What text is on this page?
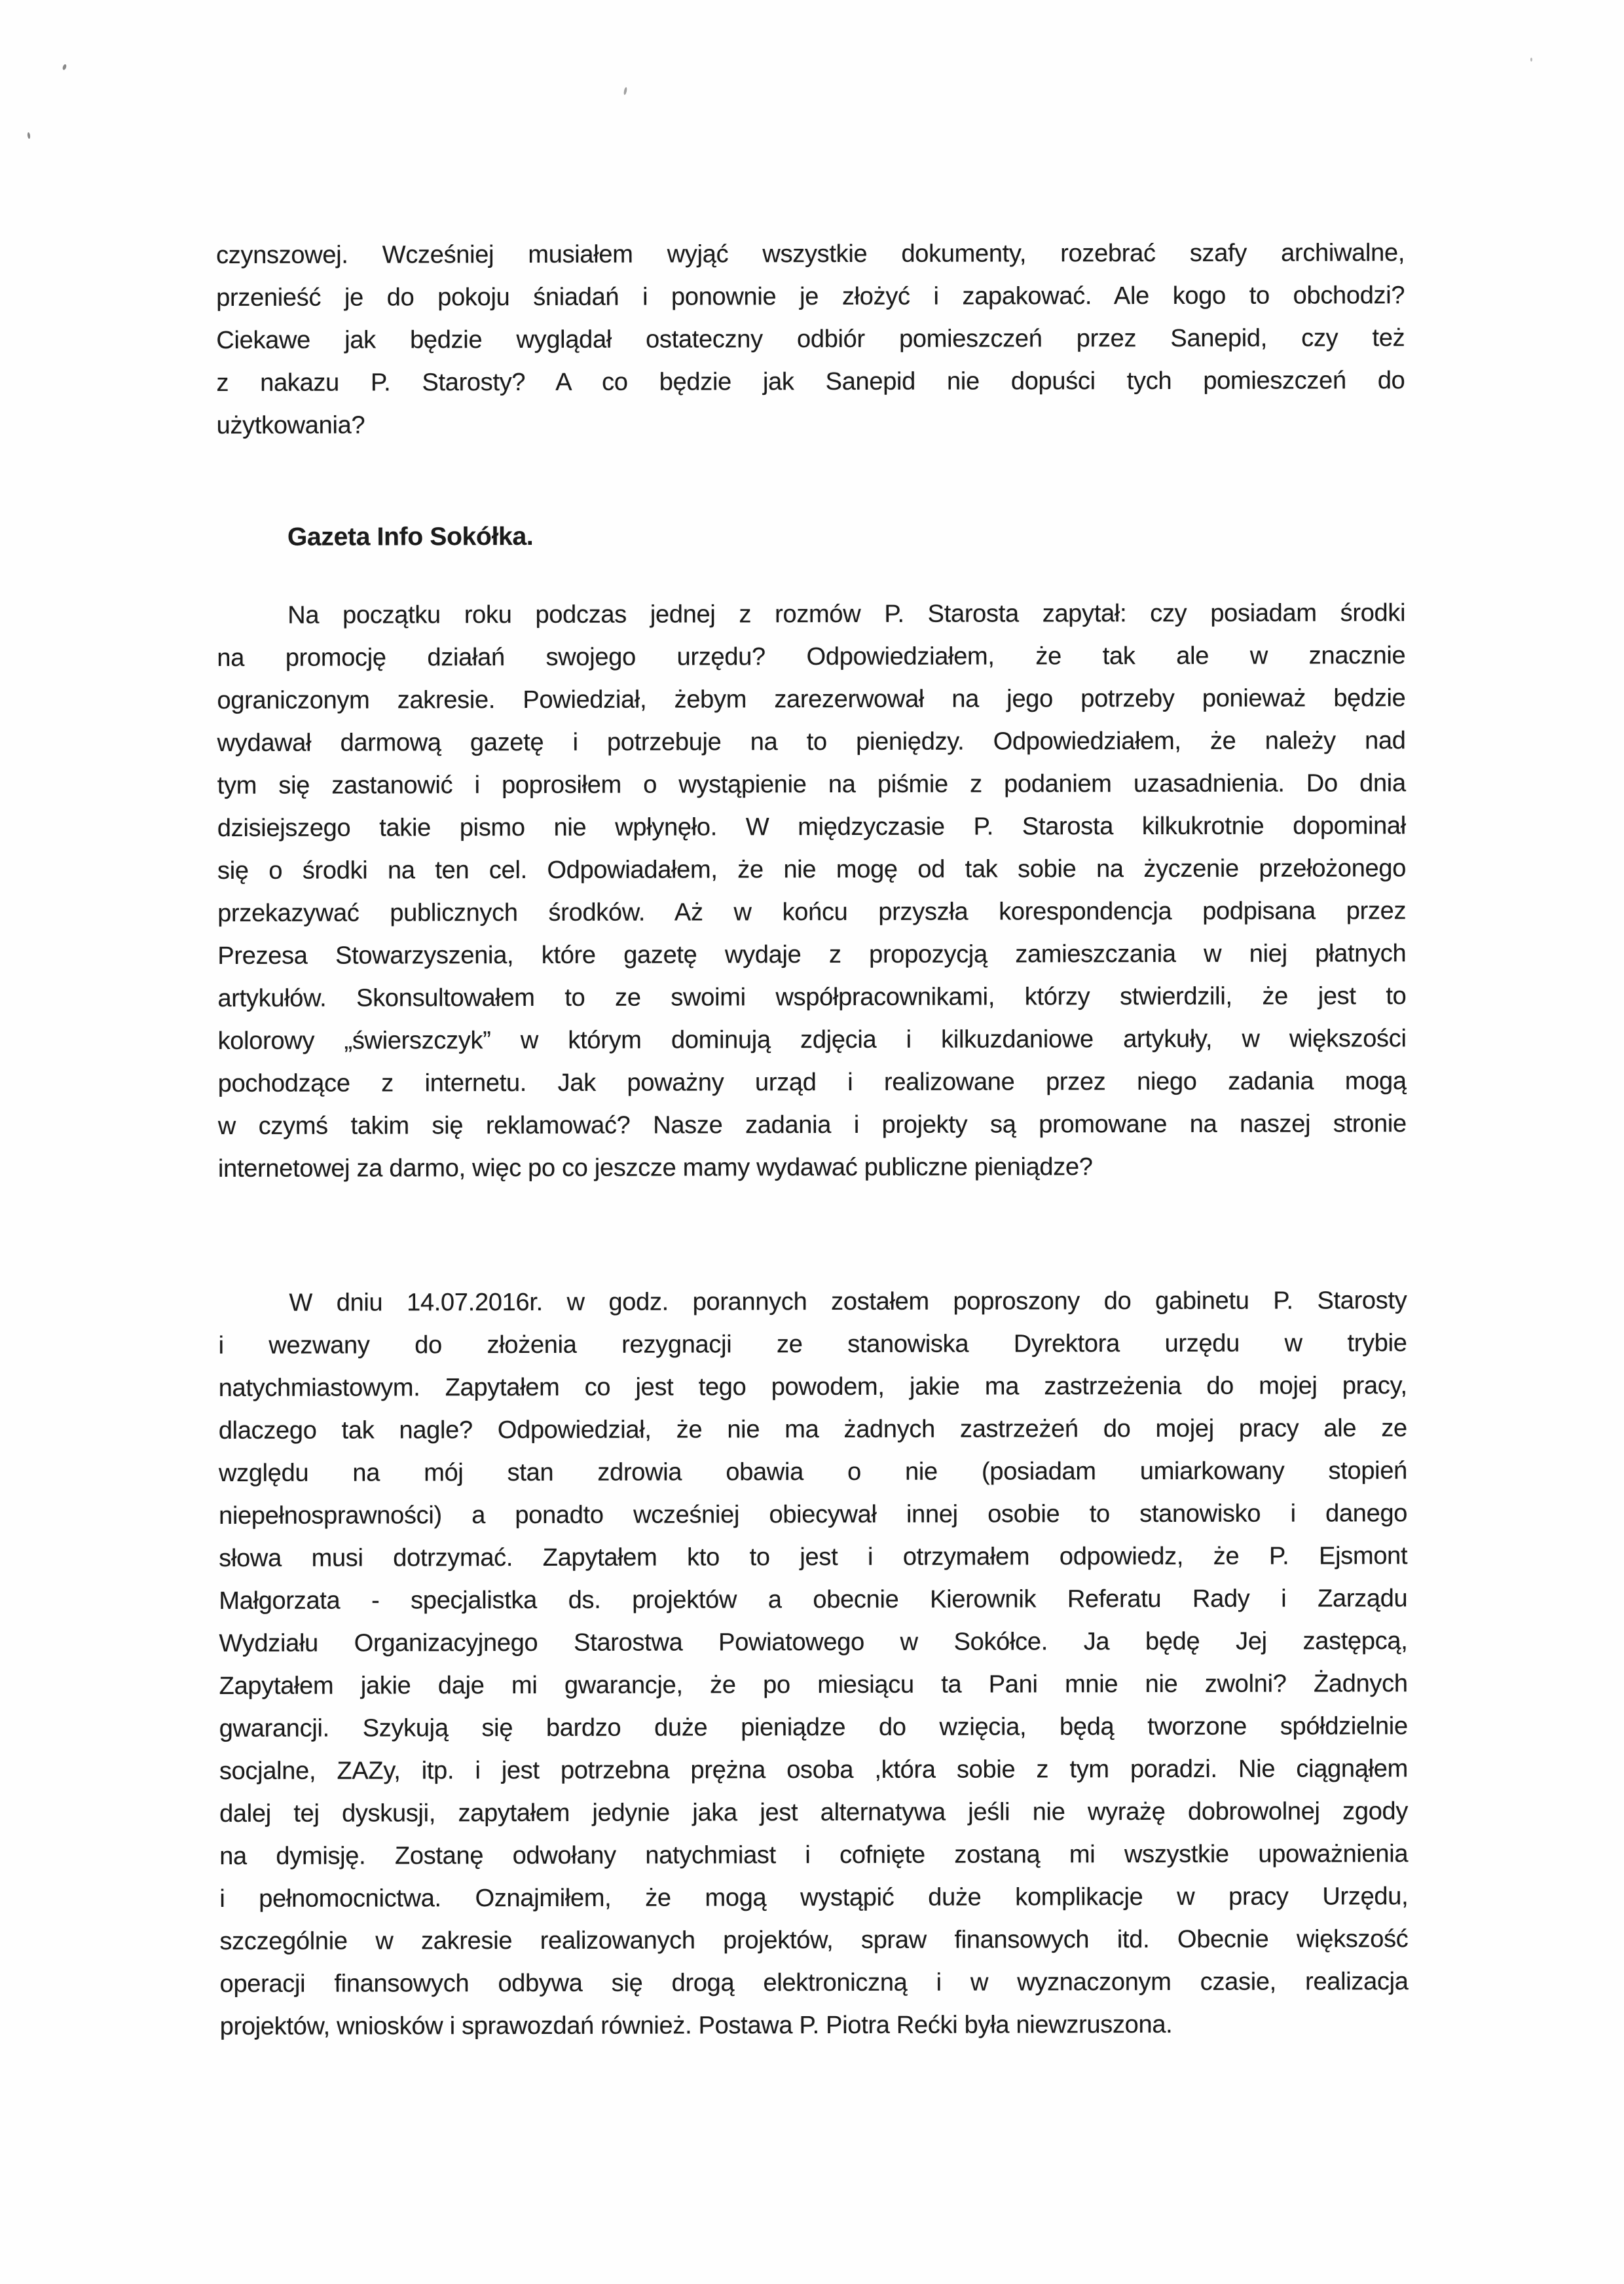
czynszowej. Wcześniej musiałem wyjąć wszystkie dokumenty, rozebrać szafy archiwalne,
przenieść je do pokoju śniadań i ponownie je złożyć i zapakować. Ale kogo to obchodzi?
Ciekawe jak będzie wyglądał ostateczny odbiór pomieszczeń przez Sanepid, czy też
z nakazu P. Starosty? A co będzie jak Sanepid nie dopuści tych pomieszczeń do
użytkowania?
Gazeta Info Sokółka.
Na początku roku podczas jednej z rozmów P. Starosta zapytał: czy posiadam środki
na promocję działań swojego urzędu? Odpowiedziałem, że tak ale w znacznie
ograniczonym zakresie. Powiedział, żebym zarezerwował na jego potrzeby ponieważ będzie
wydawał darmową gazetę i potrzebuje na to pieniędzy. Odpowiedziałem, że należy nad
tym się zastanowić i poprosiłem o wystąpienie na piśmie z podaniem uzasadnienia. Do dnia
dzisiejszego takie pismo nie wpłynęło. W międzyczasie P. Starosta kilkukrotnie dopominał
się o środki na ten cel. Odpowiadałem, że nie mogę od tak sobie na życzenie przełożonego
przekazywać publicznych środków. Aż w końcu przyszła korespondencja podpisana przez
Prezesa Stowarzyszenia, które gazetę wydaje z propozycją zamieszczania w niej płatnych
artykułów. Skonsultowałem to ze swoimi współpracownikami, którzy stwierdzili, że jest to
kolorowy „świerszczyk” w którym dominują zdjęcia i kilkuzdaniowe artykuły, w większości
pochodzące z internetu. Jak poważny urząd i realizowane przez niego zadania mogą
w czymś takim się reklamować? Nasze zadania i projekty są promowane na naszej stronie
internetowej za darmo, więc po co jeszcze mamy wydawać publiczne pieniądze?
W dniu 14.07.2016r. w godz. porannych zostałem poproszony do gabinetu P. Starosty
i wezwany do złożenia rezygnacji ze stanowiska Dyrektora urzędu w trybie
natychmiastowym. Zapytałem co jest tego powodem, jakie ma zastrzeżenia do mojej pracy,
dlaczego tak nagle? Odpowiedział, że nie ma żadnych zastrzeżeń do mojej pracy ale ze
względu na mój stan zdrowia obawia o nie (posiadam umiarkowany stopień
niepełnosprawności) a ponadto wcześniej obiecywał innej osobie to stanowisko i danego
słowa musi dotrzymać. Zapytałem kto to jest i otrzymałem odpowiedz, że P. Ejsmont
Małgorzata - specjalistka ds. projektów a obecnie Kierownik Referatu Rady i Zarządu
Wydziału Organizacyjnego Starostwa Powiatowego w Sokółce. Ja będę Jej zastępcą,
Zapytałem jakie daje mi gwarancje, że po miesiącu ta Pani mnie nie zwolni? Żadnych
gwarancji. Szykują się bardzo duże pieniądze do wzięcia, będą tworzone spółdzielnie
socjalne, ZAZy, itp. i jest potrzebna prężna osoba ,która sobie z tym poradzi. Nie ciągnąłem
dalej tej dyskusji, zapytałem jedynie jaka jest alternatywa jeśli nie wyrażę dobrowolnej zgody
na dymisję. Zostanę odwołany natychmiast i cofnięte zostaną mi wszystkie upoważnienia
i pełnomocnictwa. Oznajmiłem, że mogą wystąpić duże komplikacje w pracy Urzędu,
szczególnie w zakresie realizowanych projektów, spraw finansowych itd. Obecnie większość
operacji finansowych odbywa się drogą elektroniczną i w wyznaczonym czasie, realizacja
projektów, wniosków i sprawozdań również. Postawa P. Piotra Rećki była niewzruszona.
